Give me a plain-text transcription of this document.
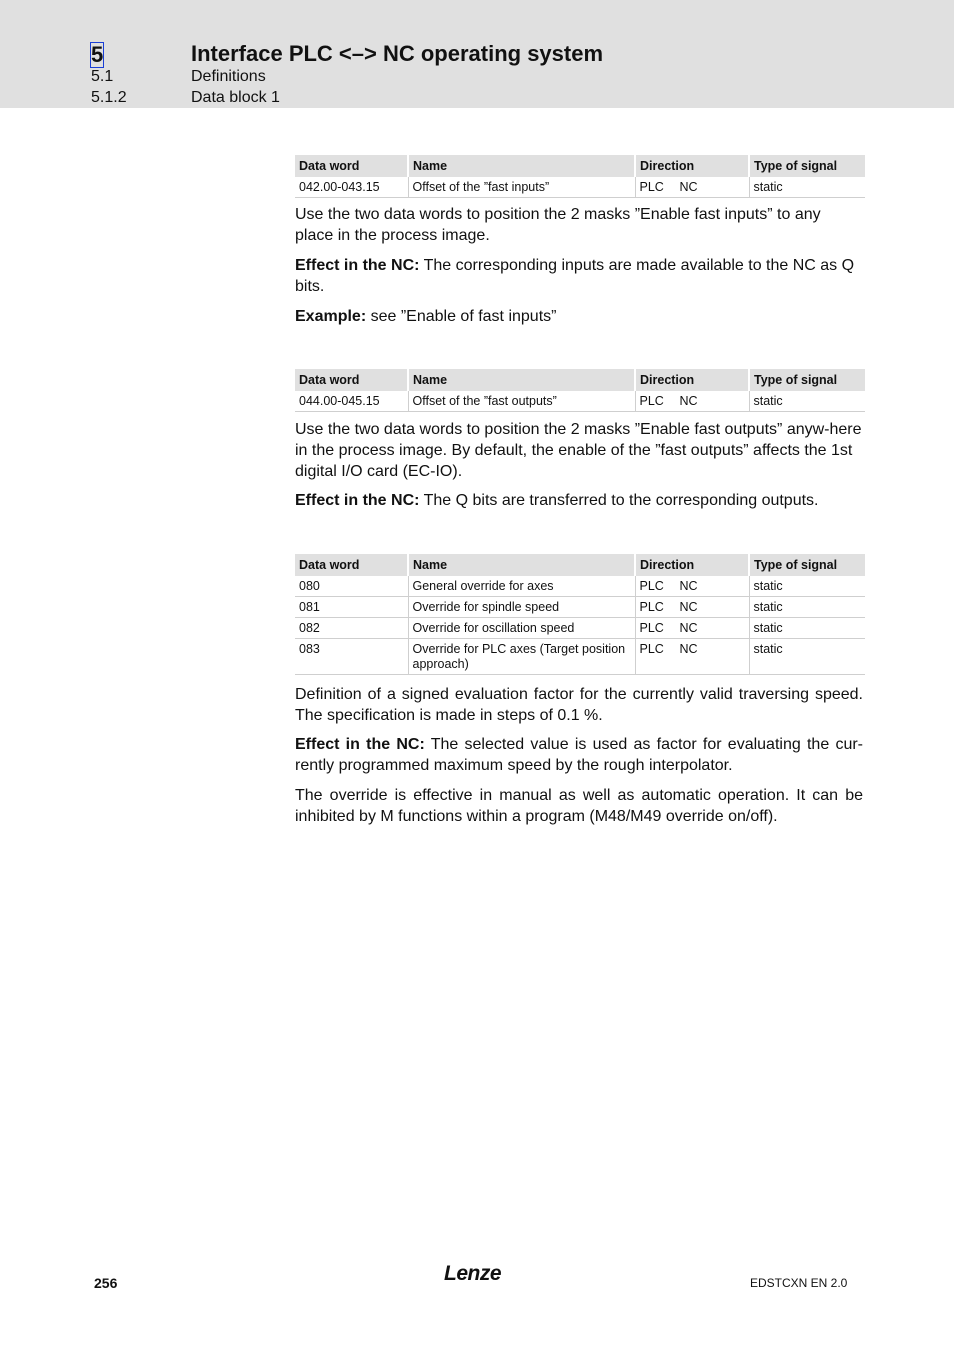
5	Interface PLC <–> NC operating system
5.1	Definitions
5.1.2	Data block 1
Data word	Name	Direction	Type of signal
042.00-043.15	Offset of the ”fast inputs”	PLC NC	static
Use the two data words to position the 2 masks ”Enable fast inputs” to any place in the process image.
Effect in the NC: The corresponding inputs are made available to the NC as Q bits.
Example: see ”Enable of fast inputs”
Data word	Name	Direction	Type of signal
044.00-045.15	Offset of the ”fast outputs”	PLC NC	static
Use the two data words to position the 2 masks ”Enable fast outputs” anyw-here in the process image. By default, the enable of the ”fast outputs” affects the 1st digital I/O card (EC-IO).
Effect in the NC: The Q bits are transferred to the corresponding outputs.
Data word	Name	Direction	Type of signal
080	General override for axes	PLC NC	static
081	Override for spindle speed	PLC NC	static
082	Override for oscillation speed	PLC NC	static
083	Override for PLC axes (Target position approach)	PLC NC	static
Definition of a signed evaluation factor for the currently valid traversing speed. The specification is made in steps of 0.1 %.
Effect in the NC: The selected value is used as factor for evaluating the cur-rently programmed maximum speed by the rough interpolator.
The override is effective in manual as well as automatic operation. It can be inhibited by M functions within a program (M48/M49 override on/off).
256	Lenze	EDSTCXN EN 2.0
